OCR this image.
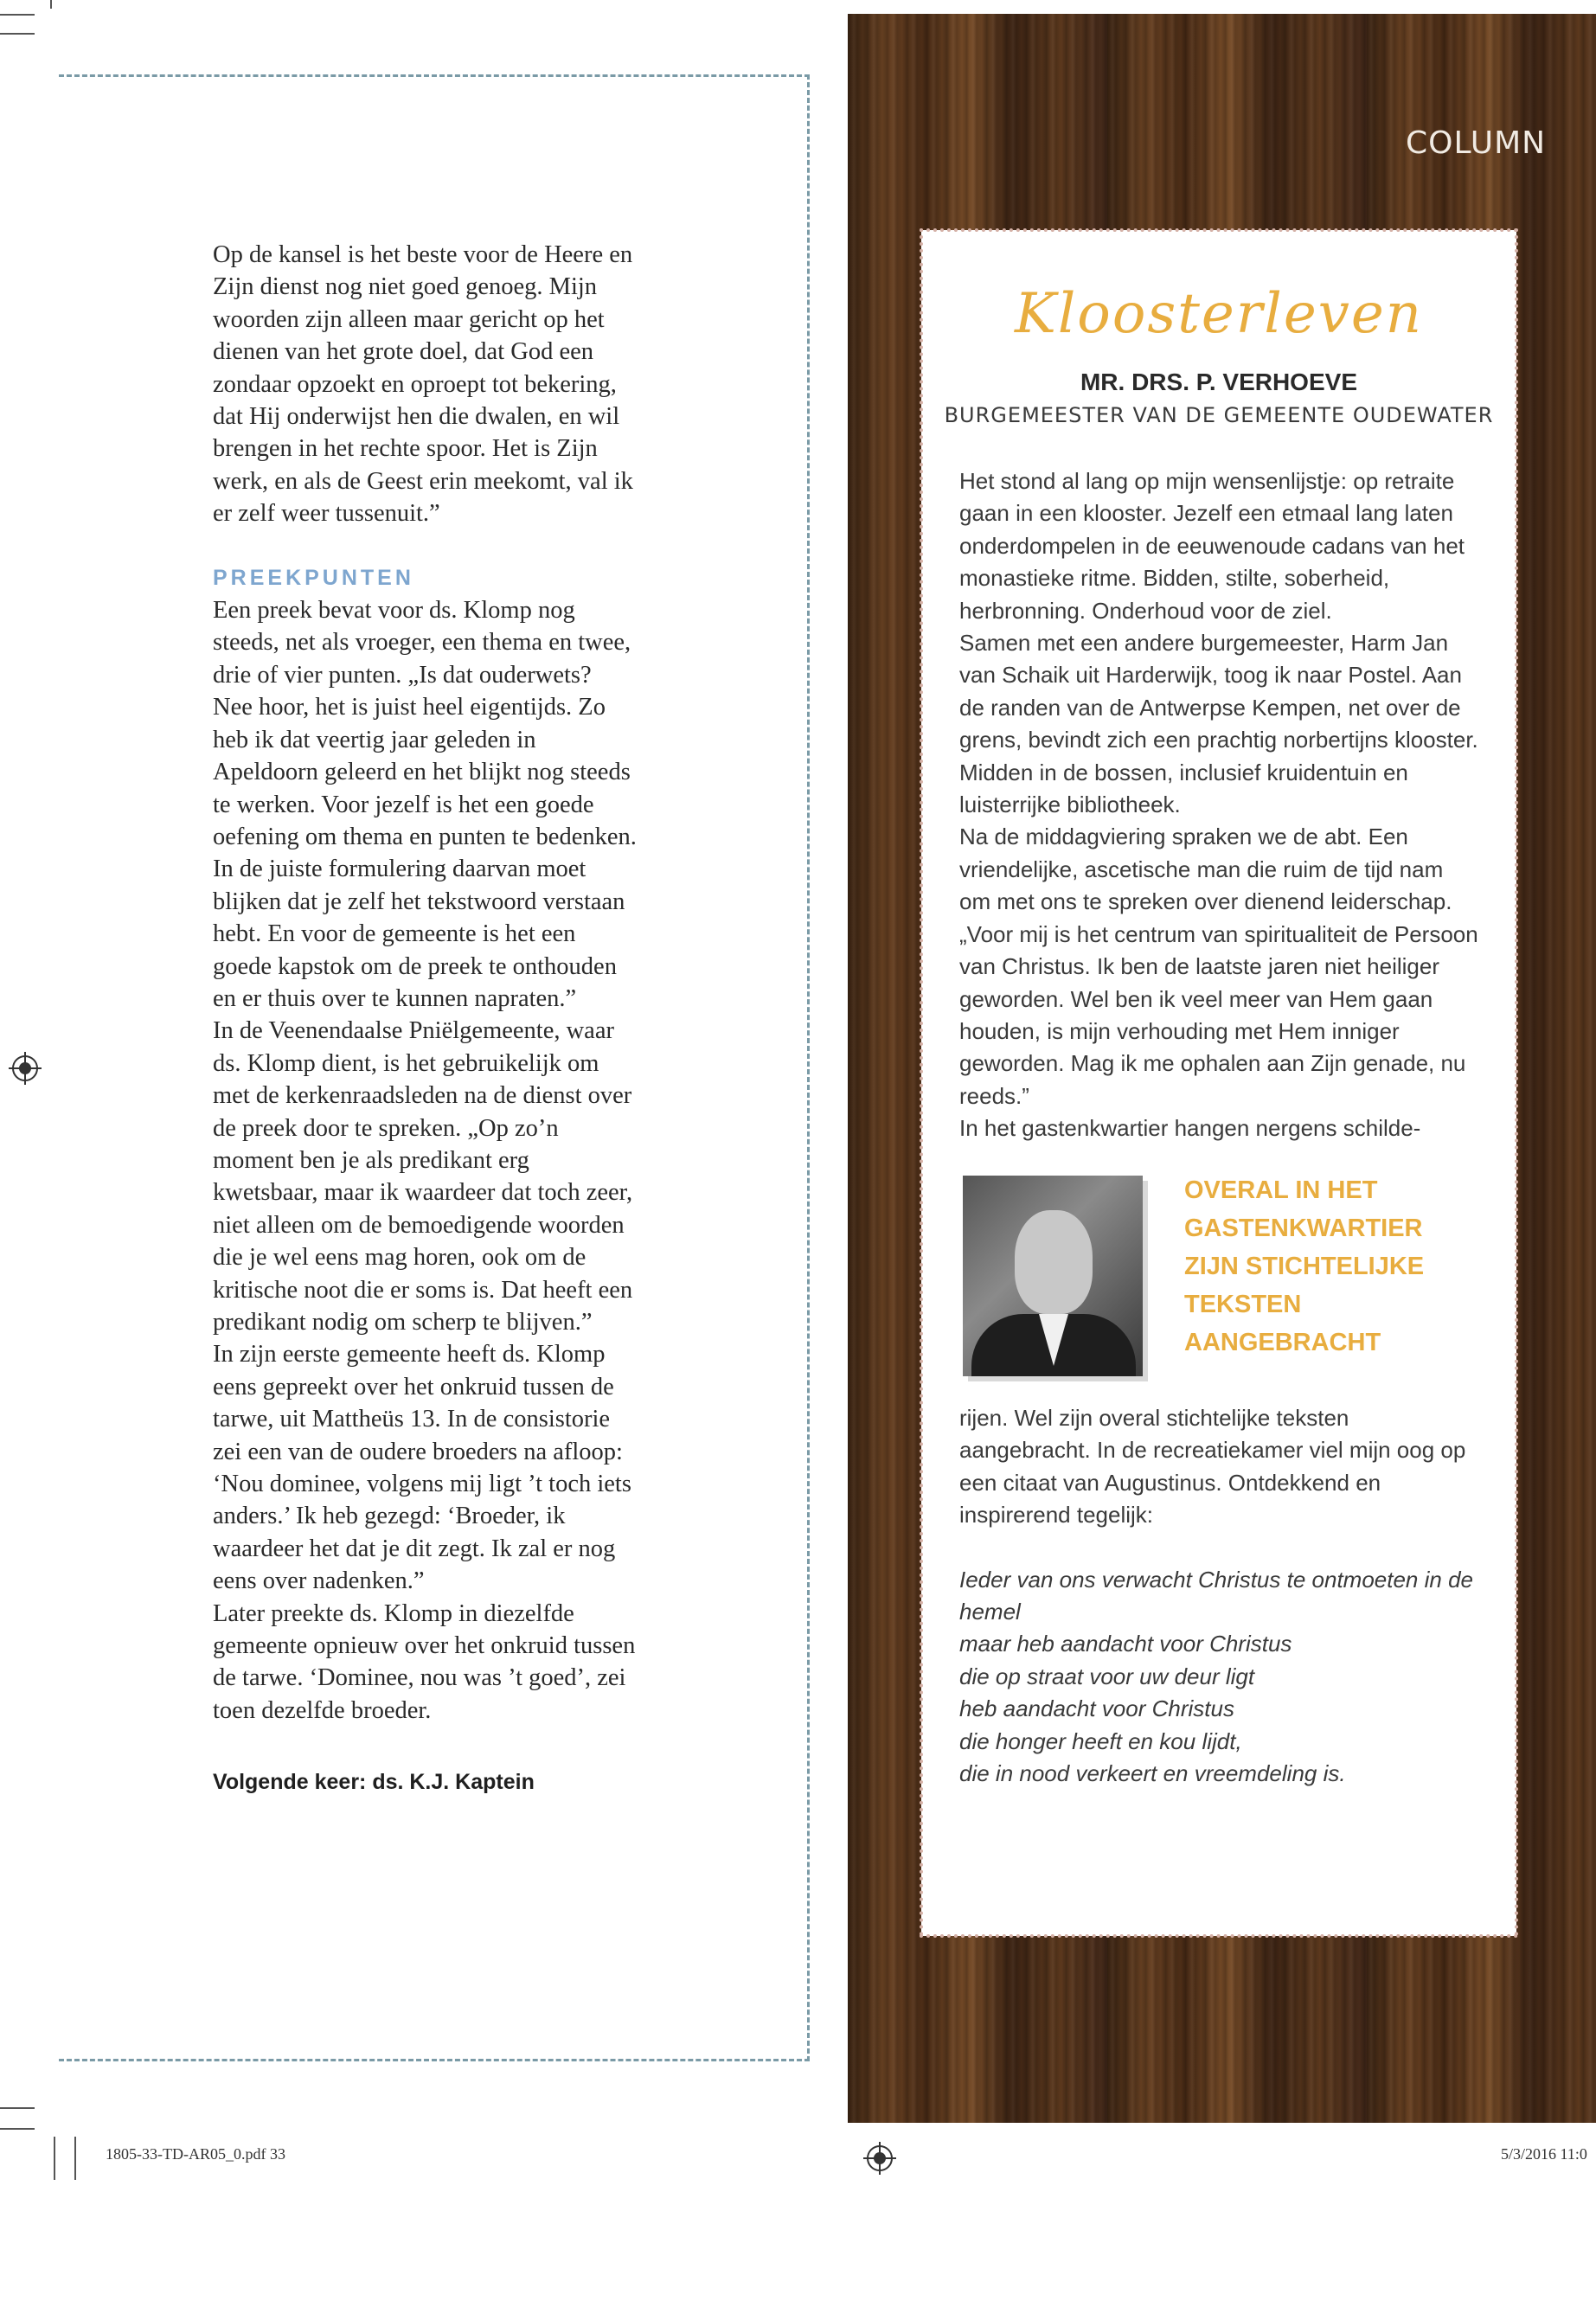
Op de kansel is het beste voor de Heere en Zijn dienst nog niet goed genoeg. Mijn woorden zijn alleen maar gericht op het dienen van het grote doel, dat God een zondaar opzoekt en oproept tot bekering, dat Hij onderwijst hen die dwalen, en wil brengen in het rechte spoor. Het is Zijn werk, en als de Geest erin meekomt, val ik er zelf weer tussenuit.”

PREEKPUNTEN

Een preek bevat voor ds. Klomp nog steeds, net als vroeger, een thema en twee, drie of vier punten. „Is dat ouderwets? Nee hoor, het is juist heel eigentijds. Zo heb ik dat veertig jaar geleden in Apeldoorn geleerd en het blijkt nog steeds te werken. Voor jezelf is het een goede oefening om thema en punten te bedenken. In de juiste formulering daarvan moet blijken dat je zelf het tekstwoord verstaan hebt. En voor de gemeente is het een goede kapstok om de preek te onthouden en er thuis over te kunnen napraten.”

In de Veenendaalse Pniëlgemeente, waar ds. Klomp dient, is het gebruikelijk om met de kerkenraadsleden na de dienst over de preek door te spreken. „Op zo’n moment ben je als predikant erg kwetsbaar, maar ik waardeer dat toch zeer, niet alleen om de bemoedigende woorden die je wel eens mag horen, ook om de kritische noot die er soms is. Dat heeft een predikant nodig om scherp te blijven.”

In zijn eerste gemeente heeft ds. Klomp eens gepreekt over het onkruid tussen de tarwe, uit Mattheüs 13. In de consistorie zei een van de oudere broeders na afloop: ‘Nou dominee, volgens mij ligt ’t toch iets anders.’ Ik heb gezegd: ‘Broeder, ik waardeer het dat je dit zegt. Ik zal er nog eens over nadenken.”

Later preekte ds. Klomp in diezelfde gemeente opnieuw over het onkruid tussen de tarwe. ‘Dominee, nou was ’t goed’, zei toen dezelfde broeder.

Volgende keer: ds. K.J. Kaptein

COLUMN
Kloosterleven
MR. DRS. P. VERHOEVE
BURGEMEESTER VAN DE GEMEENTE OUDEWATER

Het stond al lang op mijn wensenlijstje: op retraite gaan in een klooster. Jezelf een etmaal lang laten onderdompelen in de eeuwenoude cadans van het monastieke ritme. Bidden, stilte, soberheid, herbronning. Onderhoud voor de ziel.

Samen met een andere burgemeester, Harm Jan van Schaik uit Harderwijk, toog ik naar Postel. Aan de randen van de Antwerpse Kempen, net over de grens, bevindt zich een prachtig norbertijns klooster. Midden in de bossen, inclusief kruidentuin en luisterrijke bibliotheek.

Na de middagviering spraken we de abt. Een vriendelijke, ascetische man die ruim de tijd nam om met ons te spreken over dienend leiderschap. „Voor mij is het centrum van spiritualiteit de Persoon van Christus. Ik ben de laatste jaren niet heiliger geworden. Wel ben ik veel meer van Hem gaan houden, is mijn verhouding met Hem inniger geworden. Mag ik me ophalen aan Zijn genade, nu reeds.”

In het gastenkwartier hangen nergens schilde-

OVERAL IN HET GASTENKWARTIER ZIJN STICHTELIJKE TEKSTEN AANGEBRACHT

rijen. Wel zijn overal stichtelijke teksten aangebracht. In de recreatiekamer viel mijn oog op een citaat van Augustinus. Ontdekkend en inspirerend tegelijk:

Ieder van ons verwacht Christus te ontmoeten in de hemel

maar heb aandacht voor Christus

die op straat voor uw deur ligt

heb aandacht voor Christus

die honger heeft en kou lijdt,

die in nood verkeert en vreemdeling is.

1805-33-TD-AR05_0.pdf 33	5/3/2016 11:0
